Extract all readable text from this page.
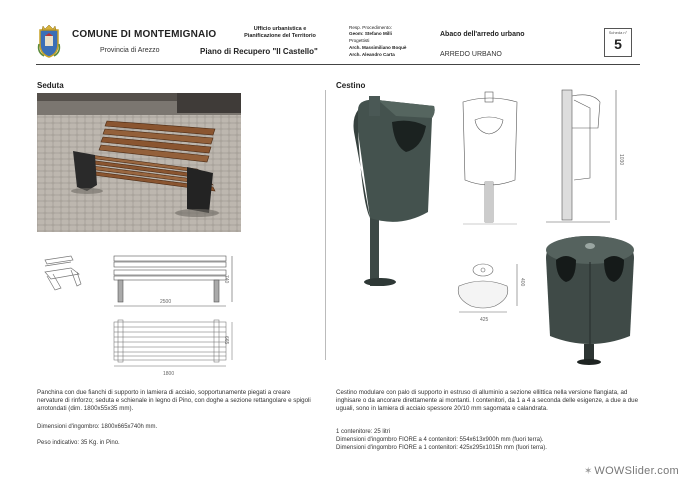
COMUNE DI MONTEMIGNAIO
Provincia di Arezzo
Ufficio urbanistica e
Pianificazione del Territorio
Piano di Recupero "Il Castello"
Resp. Procedimento:
Geom: Stefano Milli
Progettisti
Arch. Massimiliano Boquè
Arch. Aleandro Carta
Abaco dell'arredo urbano
ARREDO URBANO
Scheda n°
5
Seduta
2500
740
1800
665
Panchina con due fianchi di supporto in lamiera di acciaio, sopportunamente piegati a creare nervature di rinforzo; seduta e schienale in legno di Pino, con doghe a sezione rettangolare e spigoli arrotondati (dim. 1800x55x35 mm).
Dimensioni d'ingombro: 1800x665x740h mm.
Peso indicativo: 35 Kg. in Pino.
Cestino
1030
425
400
Cestino modulare con palo di supporto in estruso di alluminio a sezione ellittica nella versione flangiata, ad inghisare o da ancorare direttamente ai montanti. I contenitori, da 1 a 4 a seconda delle esigenze, a due a due uguali, sono in lamiera di acciaio spessore 20/10 mm sagomata e calandrata.
1 contenitore: 25 litri
Dimensioni d'ingombro FIORE a 4 contenitori: 554x613x900h mm (fuori terra).
Dimensioni d'ingombro FIORE a 1 contenitori: 425x295x1015h mm (fuori terra).
✶ WOWSlider.com
